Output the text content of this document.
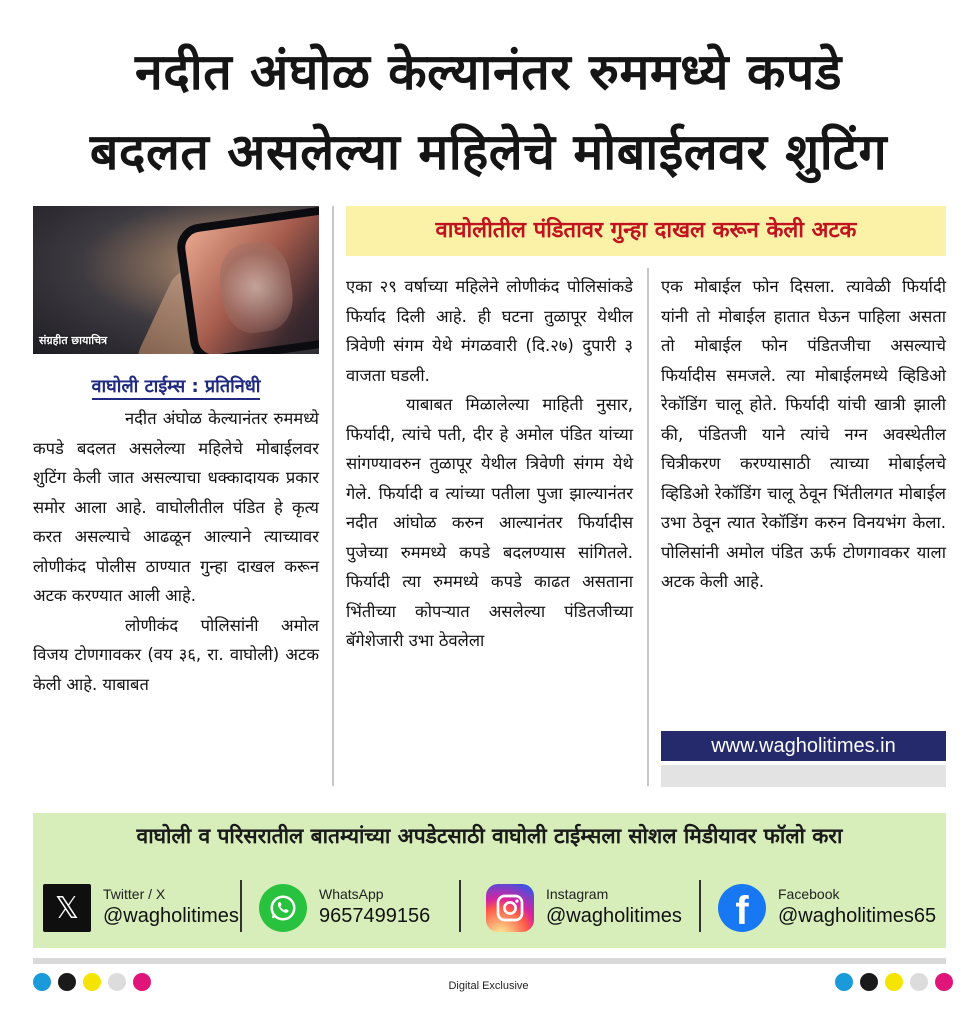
नदीत अंघोळ केल्यानंतर रुममध्ये कपडे
बदलत असलेल्या महिलेचे मोबाईलवर शुटिंग
संग्रहीत छायाचित्र
वाघोली टाईम्स : प्रतिनिधी

नदीत अंघोळ केल्यानंतर रुममध्ये कपडे बदलत असलेल्या महिलेचे मोबाईलवर शुटिंग केली जात असल्याचा धक्कादायक प्रकार समोर आला आहे. वाघोलीतील पंडित हे कृत्य करत असल्याचे आढळून आल्याने त्याच्यावर लोणीकंद पोलीस ठाण्यात गुन्हा दाखल करून अटक करण्यात आली आहे.

लोणीकंद पोलिसांनी अमोल विजय टोणगावकर (वय ३६, रा. वाघोली) अटक केली आहे. याबाबत

वाघोलीतील पंडितावर गुन्हा दाखल करून केली अटक

एका २९ वर्षाच्या महिलेने लोणीकंद पोलिसांकडे फिर्याद दिली आहे. ही घटना तुळापूर येथील त्रिवेणी संगम येथे मंगळवारी (दि.२७) दुपारी ३ वाजता घडली.

याबाबत मिळालेल्या माहिती नुसार, फिर्यादी, त्यांचे पती, दीर हे अमोल पंडित यांच्या सांगण्यावरुन तुळापूर येथील त्रिवेणी संगम येथे गेले. फिर्यादी व त्यांच्या पतीला पुजा झाल्यानंतर नदीत आंघोळ करुन आल्यानंतर फिर्यादीस पुजेच्या रुममध्ये कपडे बदलण्यास सांगितले. फिर्यादी त्या रुममध्ये कपडे काढत असताना भिंतीच्या कोपऱ्यात असलेल्या पंडितजीच्या बॅगेशेजारी उभा ठेवलेला

एक मोबाईल फोन दिसला. त्यावेळी फिर्यादी यांनी तो मोबाईल हातात घेऊन पाहिला असता तो मोबाईल फोन पंडितजीचा असल्याचे फिर्यादीस समजले. त्या मोबाईलमध्ये व्हिडिओ रेकॉडिंग चालू होते. फिर्यादी यांची खात्री झाली की, पंडितजी याने त्यांचे नग्न अवस्थेतील चित्रीकरण करण्यासाठी त्याच्या मोबाईलचे व्हिडिओ रेकॉडिंग चालू ठेवून भिंतीलगत मोबाईल उभा ठेवून त्यात रेकॉडिंग करुन विनयभंग केला. पोलिसांनी अमोल पंडित ऊर्फ टोणगावकर याला अटक केली आहे.

www.wagholitimes.in
वाघोली व परिसरातील बातम्यांच्या अपडेटसाठी वाघोली टाईम्सला सोशल मिडीयावर फॉलो करा
𝕏	Twitter / X
@wagholitimes
WhatsApp
9657499156
Instagram
@wagholitimes f Facebook
@wagholitimes65
Digital Exclusive
